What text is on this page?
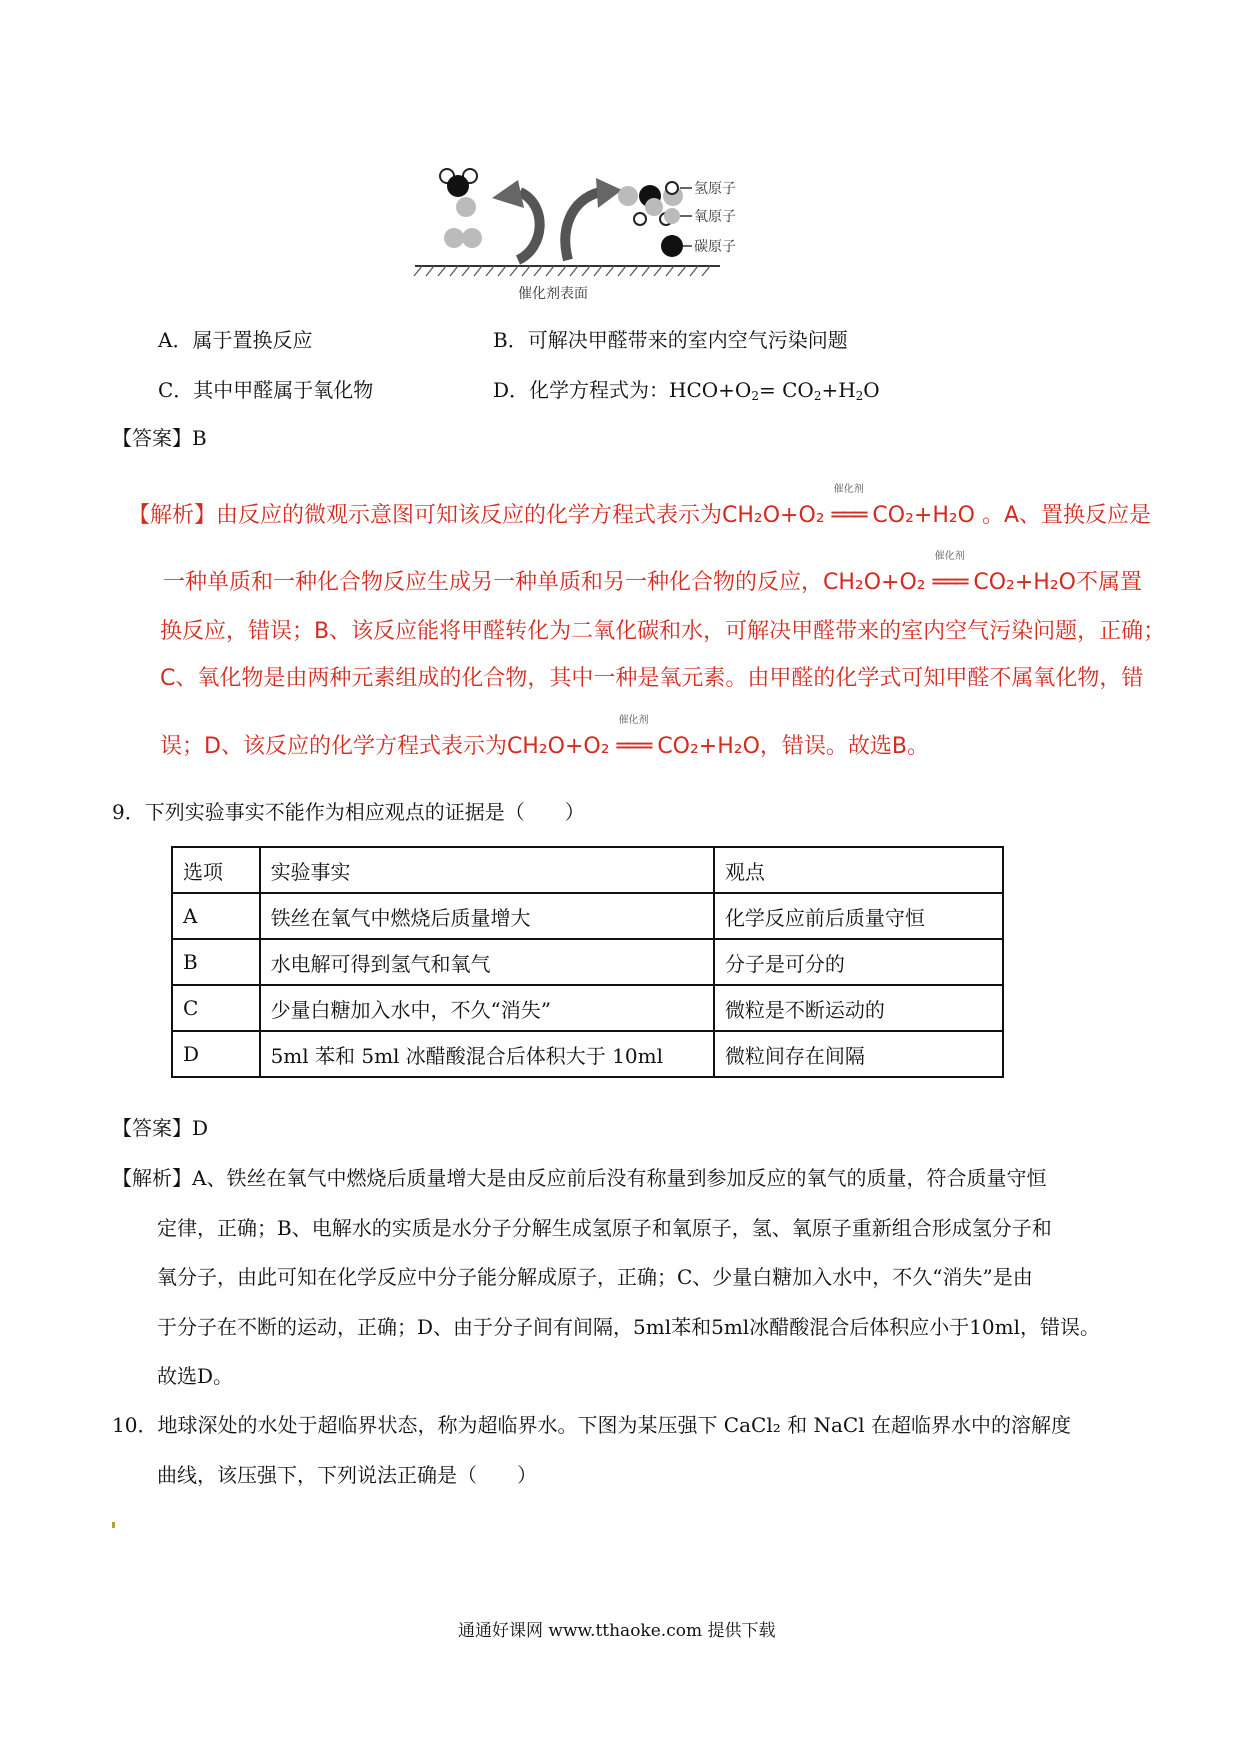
氢原子
氧原子
碳原子
催化剂表面
A．属于置换反应	B．可解决甲醛带来的室内空气污染问题
C．其中甲醛属于氧化物	D．化学方程式为：$HCO+O_2= CO_2+H_2O$
【答案】B
【解析】由反应的微观示意图可知该反应的化学方程式表示为CH₂O+O₂
催化剂
═══ CO₂+H₂O 。A、置换反应是
一种单质和一种化合物反应生成另一种单质和另一种化合物的反应，CH₂O+O₂
催化剂
═══ CO₂+H₂O不属置
换反应，错误；B、该反应能将甲醛转化为二氧化碳和水，可解决甲醛带来的室内空气污染问题，正确；
C、氧化物是由两种元素组成的化合物，其中一种是氧元素。由甲醛的化学式可知甲醛不属氧化物，错
误；D、该反应的化学方程式表示为CH₂O+O₂
催化剂
═══ CO₂+H₂O，错误。故选B。
9．下列实验事实不能作为相应观点的证据是（　　）
选项	实验事实	观点
A	铁丝在氧气中燃烧后质量增大	化学反应前后质量守恒
B	水电解可得到氢气和氧气	分子是可分的
C	少量白糖加入水中，不久“消失”	微粒是不断运动的
D	5ml 苯和 5ml 冰醋酸混合后体积大于 10ml	微粒间存在间隔
【答案】D
【解析】A、铁丝在氧气中燃烧后质量增大是由反应前后没有称量到参加反应的氧气的质量，符合质量守恒
定律，正确；B、电解水的实质是水分子分解生成氢原子和氧原子，氢、氧原子重新组合形成氢分子和
氧分子，由此可知在化学反应中分子能分解成原子，正确；C、少量白糖加入水中，不久“消失”是由
于分子在不断的运动，正确；D、由于分子间有间隔，5ml苯和5ml冰醋酸混合后体积应小于10ml，错误。
故选D。
10．地球深处的水处于超临界状态，称为超临界水。下图为某压强下 CaCl₂ 和 NaCl 在超临界水中的溶解度
曲线，该压强下，下列说法正确是（　　）
通通好课网 www.tthaoke.com 提供下载
